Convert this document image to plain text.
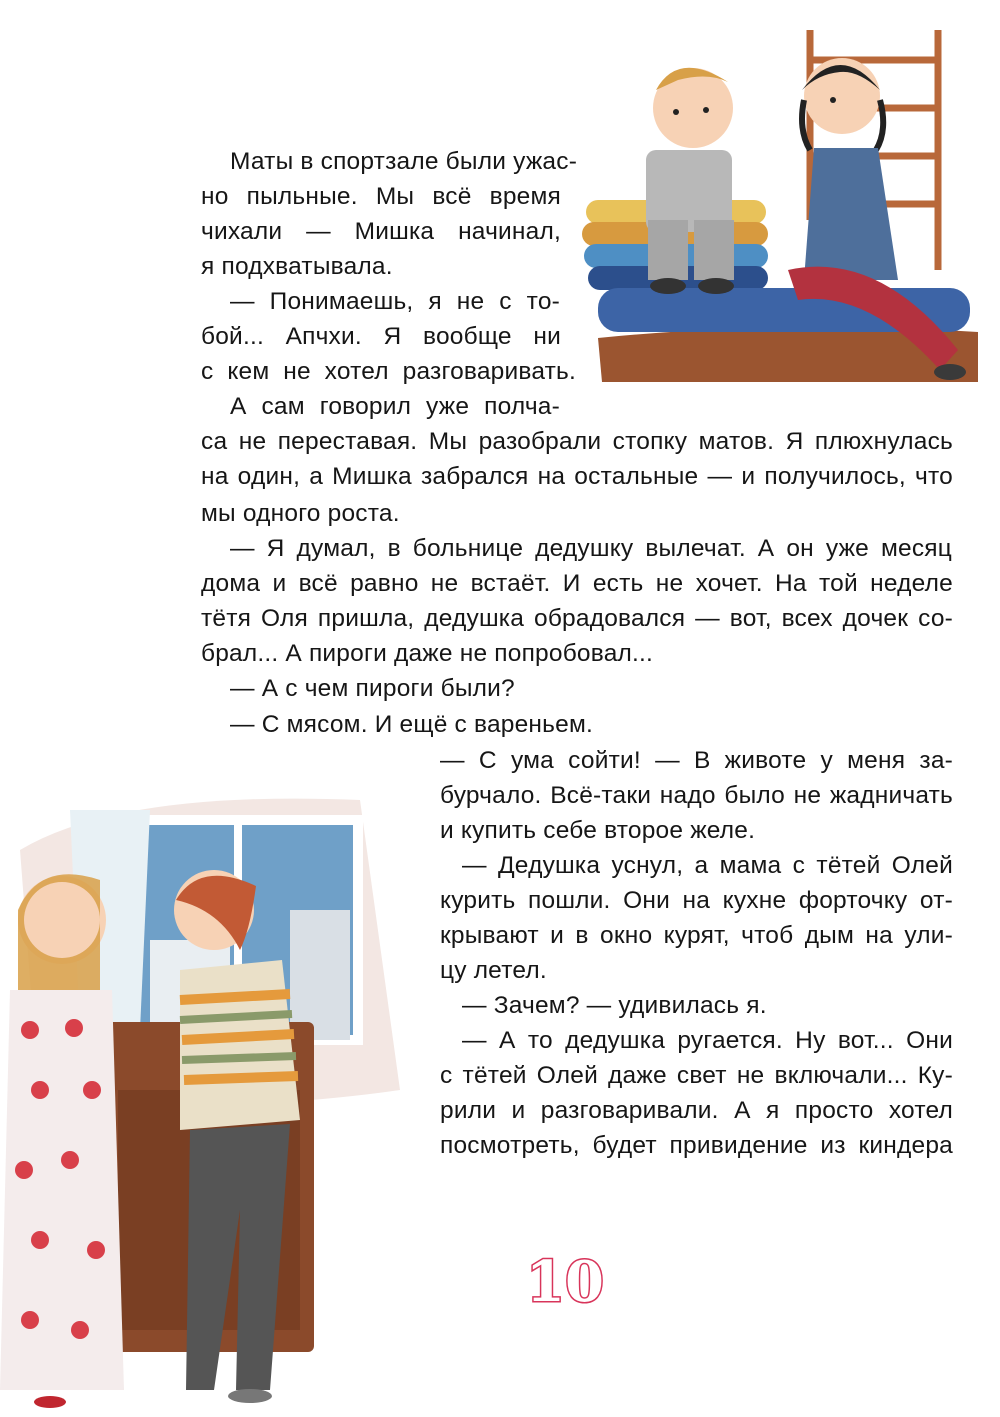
Маты в спортзале были ужас-
но пыльные. Мы всё время
чихали — Мишка начинал,
я подхватывала.
— Понимаешь, я не с то-
бой... Апчхи. Я вообще ни
с кем не хотел разговаривать.
А сам говорил уже полча-
са не переставая. Мы разобрали стопку матов. Я плюхнулась
на один, а Мишка забрался на остальные — и получилось, что
мы одного роста.
— Я думал, в больнице дедушку вылечат. А он уже месяц
дома и всё равно не встаёт. И есть не хочет. На той неделе
тётя Оля пришла, дедушка обрадовался — вот, всех дочек со-
брал... А пироги даже не попробовал...
— А с чем пироги были?
— С мясом. И ещё с вареньем.
— С ума сойти! — В животе у меня за-
бурчало. Всё-таки надо было не жадничать
и купить себе второе желе.
— Дедушка уснул, а мама с тётей Олей
курить пошли. Они на кухне форточку от-
крывают и в окно курят, чтоб дым на ули-
цу летел.
— Зачем? — удивилась я.
— А то дедушка ругается. Ну вот... Они
с тётей Олей даже свет не включали... Ку-
рили и разговаривали. А я просто хотел
посмотреть, будет привидение из киндера
10
